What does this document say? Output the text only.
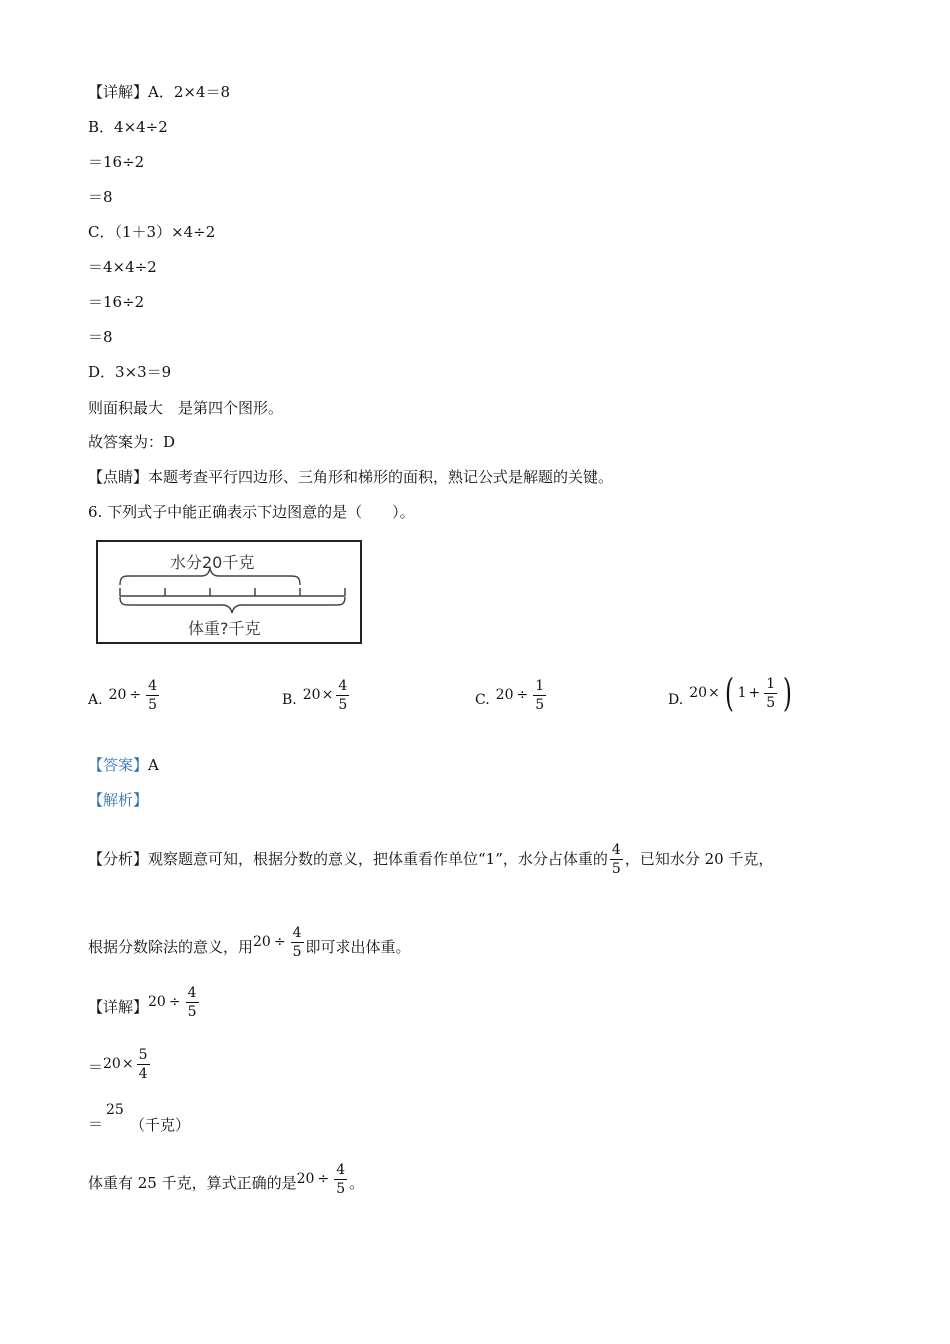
【详解】A．2×4＝8
B．4×4÷2
＝16÷2
＝8
C．（1＋3）×4÷2
＝4×4÷2
＝16÷2
＝8
D．3×3＝9
则面积最大　是第四个图形。
故答案为：D
【点睛】本题考查平行四边形、三角形和梯形的面积，熟记公式是解题的关键。
6. 下列式子中能正确表示下边图意的是（　　）。
水分20千克
体重?千克
A. $20 \div \frac{4}{5}$	B. $20 \times \frac{4}{5}$	C. $20 \div \frac{1}{5}$	D. 20 × ( $1 + \frac{1}{5}$ )
【答案】A
【解析】
【分析】观察题意可知，根据分数的意义，把体重看作单位“1”，水分占体重的 $\frac{4}{5}$ ，已知水分 20 千克，
根据分数除法的意义，用 $20 \div \frac{4}{5}$ 即可求出体重。
【详解】 $20 \div \frac{4}{5}$
＝ $20 \times \frac{5}{4}$
＝
25
（千克）
体重有 25 千克，算式正确的是 $20 \div \frac{4}{5}$ 。
